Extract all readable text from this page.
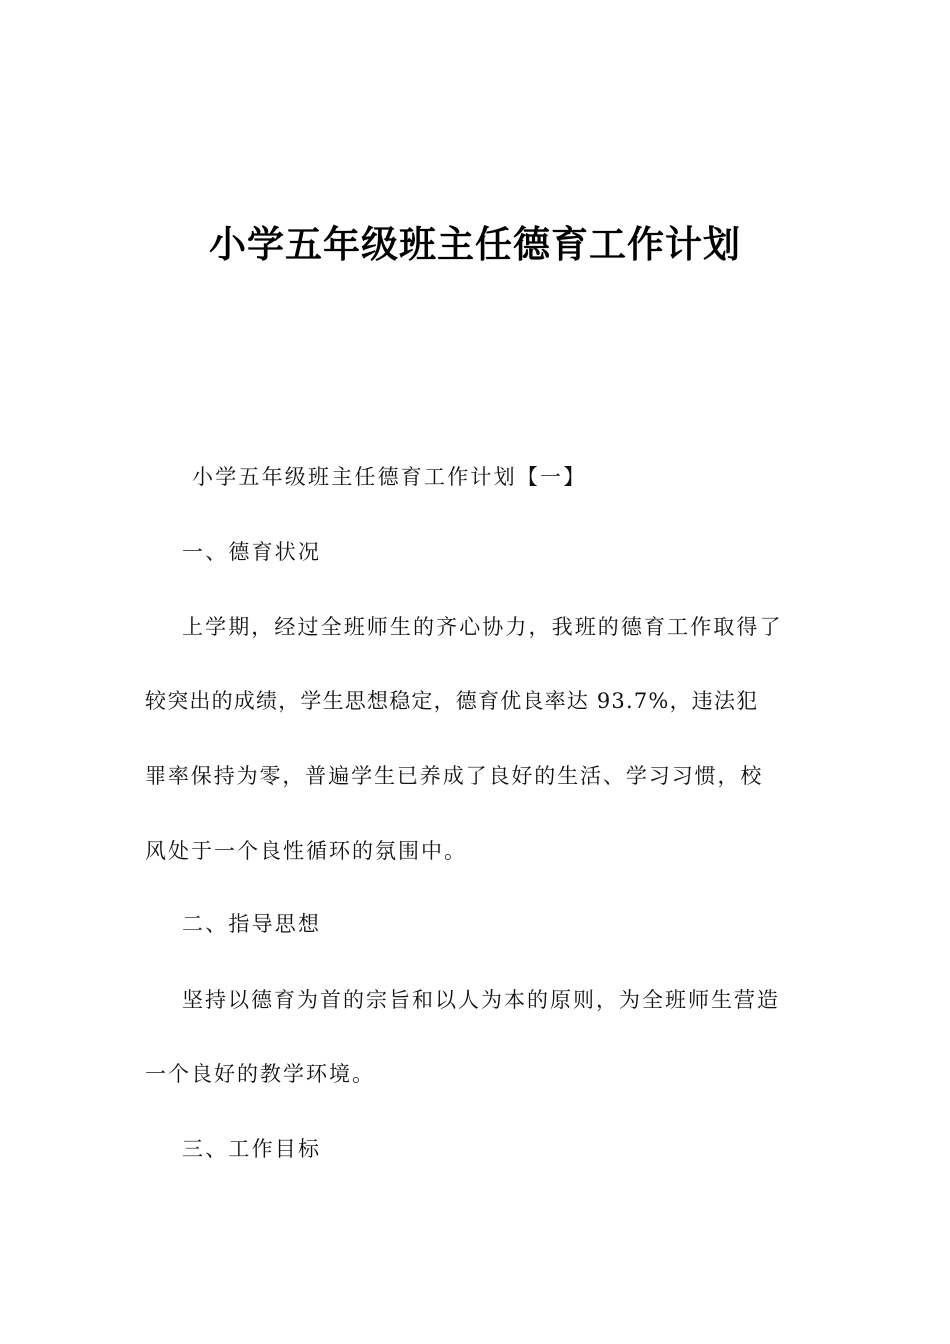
小学五年级班主任德育工作计划
小学五年级班主任德育工作计划【一】
一、德育状况
上学期，经过全班师生的齐心协力，我班的德育工作取得了
较突出的成绩，学生思想稳定，德育优良率达 93.7%，违法犯
罪率保持为零，普遍学生已养成了良好的生活、学习习惯，校
风处于一个良性循环的氛围中。
二、指导思想
坚持以德育为首的宗旨和以人为本的原则，为全班师生营造
一个良好的教学环境。
三、工作目标
